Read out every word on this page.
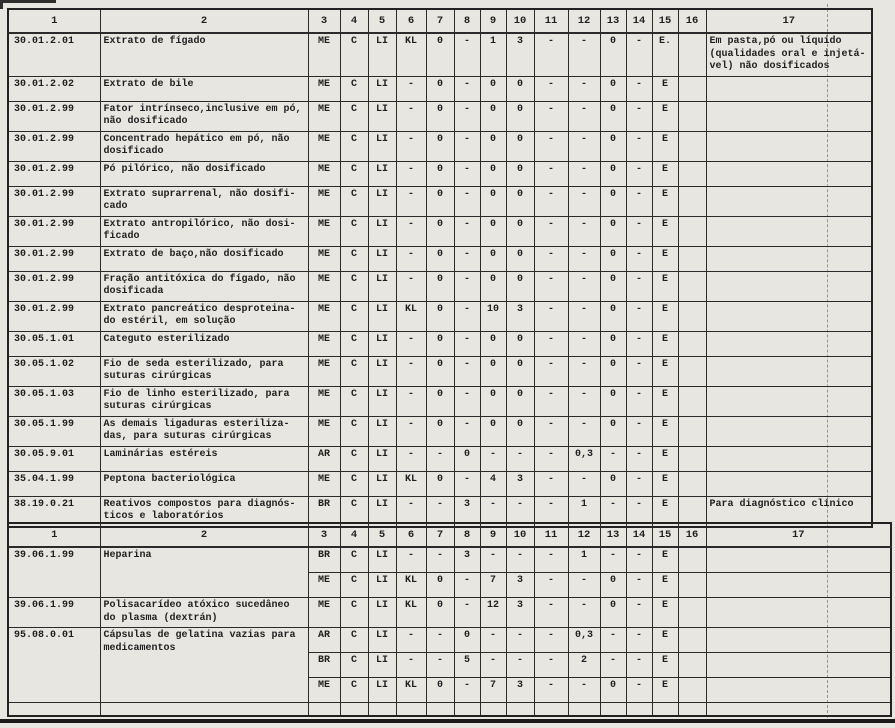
1	2	3	4	5	6	7	8	9	10	11	12	13	14	15	16	17
30.01.2.01	Extrato de fígado	ME	C	LI	KL	0	-	1	3	-	-	0	-	E.		Em pasta,pó ou líquido (qualidades oral e injetá-vel) não dosificados
30.01.2.02	Extrato de bile	ME	C	LI	-	0	-	0	0	-	-	0	-	E		
30.01.2.99	Fator intrínseco,inclusive em pó, não dosificado	ME	C	LI	-	0	-	0	0	-	-	0	-	E		
30.01.2.99	Concentrado hepático em pó, não dosificado	ME	C	LI	-	0	-	0	0	-	-	0	-	E		
30.01.2.99	Pó pilórico, não dosificado	ME	C	LI	-	0	-	0	0	-	-	0	-	E		
30.01.2.99	Extrato suprarrenal, não dosifi-cado	ME	C	LI	-	0	-	0	0	-	-	0	-	E		
30.01.2.99	Extrato antropilórico, não dosi-ficado	ME	C	LI	-	0	-	0	0	-	-	0	-	E		
30.01.2.99	Extrato de baço,não dosificado	ME	C	LI	-	0	-	0	0	-	-	0	-	E		
30.01.2.99	Fração antitóxica do fígado, não dosificada	ME	C	LI	-	0	-	0	0	-	-	0	-	E		
30.01.2.99	Extrato pancreático desproteina-do estéril, em solução	ME	C	LI	KL	0	-	10	3	-	-	0	-	E		
30.05.1.01	Categuto esterilizado	ME	C	LI	-	0	-	0	0	-	-	0	-	E		
30.05.1.02	Fio de seda esterilizado, para suturas cirúrgicas	ME	C	LI	-	0	-	0	0	-	-	0	-	E		
30.05.1.03	Fio de linho esterilizado, para suturas cirúrgicas	ME	C	LI	-	0	-	0	0	-	-	0	-	E		
30.05.1.99	As demais ligaduras esteriliza-das, para suturas cirúrgicas	ME	C	LI	-	0	-	0	0	-	-	0	-	E		
30.05.9.01	Laminárias estéreis	AR	C	LI	-	-	0	-	-	-	0,3	-	-	E		
35.04.1.99	Peptona bacteriológica	ME	C	LI	KL	0	-	4	3	-	-	0	-	E		
38.19.0.21	Reativos compostos para diagnós-ticos e laboratórios	BR	C	LI	-	-	3	-	-	-	1	-	-	E		Para diagnóstico clínico
1	2	3	4	5	6	7	8	9	10	11	12	13	14	15	16	17
39.06.1.99	Heparina	BR	C	LI	-	-	3	-	-	-	1	-	-	E		
		ME	C	LI	KL	0	-	7	3	-	-	0	-	E		
39.06.1.99	Polisacarídeo atóxico sucedâneo do plasma (dextrán)	ME	C	LI	KL	0	-	12	3	-	-	0	-	E		
95.08.0.01	Cápsulas de gelatina vazias para medicamentos	AR	C	LI	-	-	0	-	-	-	0,3	-	-	E		
		BR	C	LI	-	-	5	-	-	-	2	-	-	E		
		ME	C	LI	KL	0	-	7	3	-	-	0	-	E		
